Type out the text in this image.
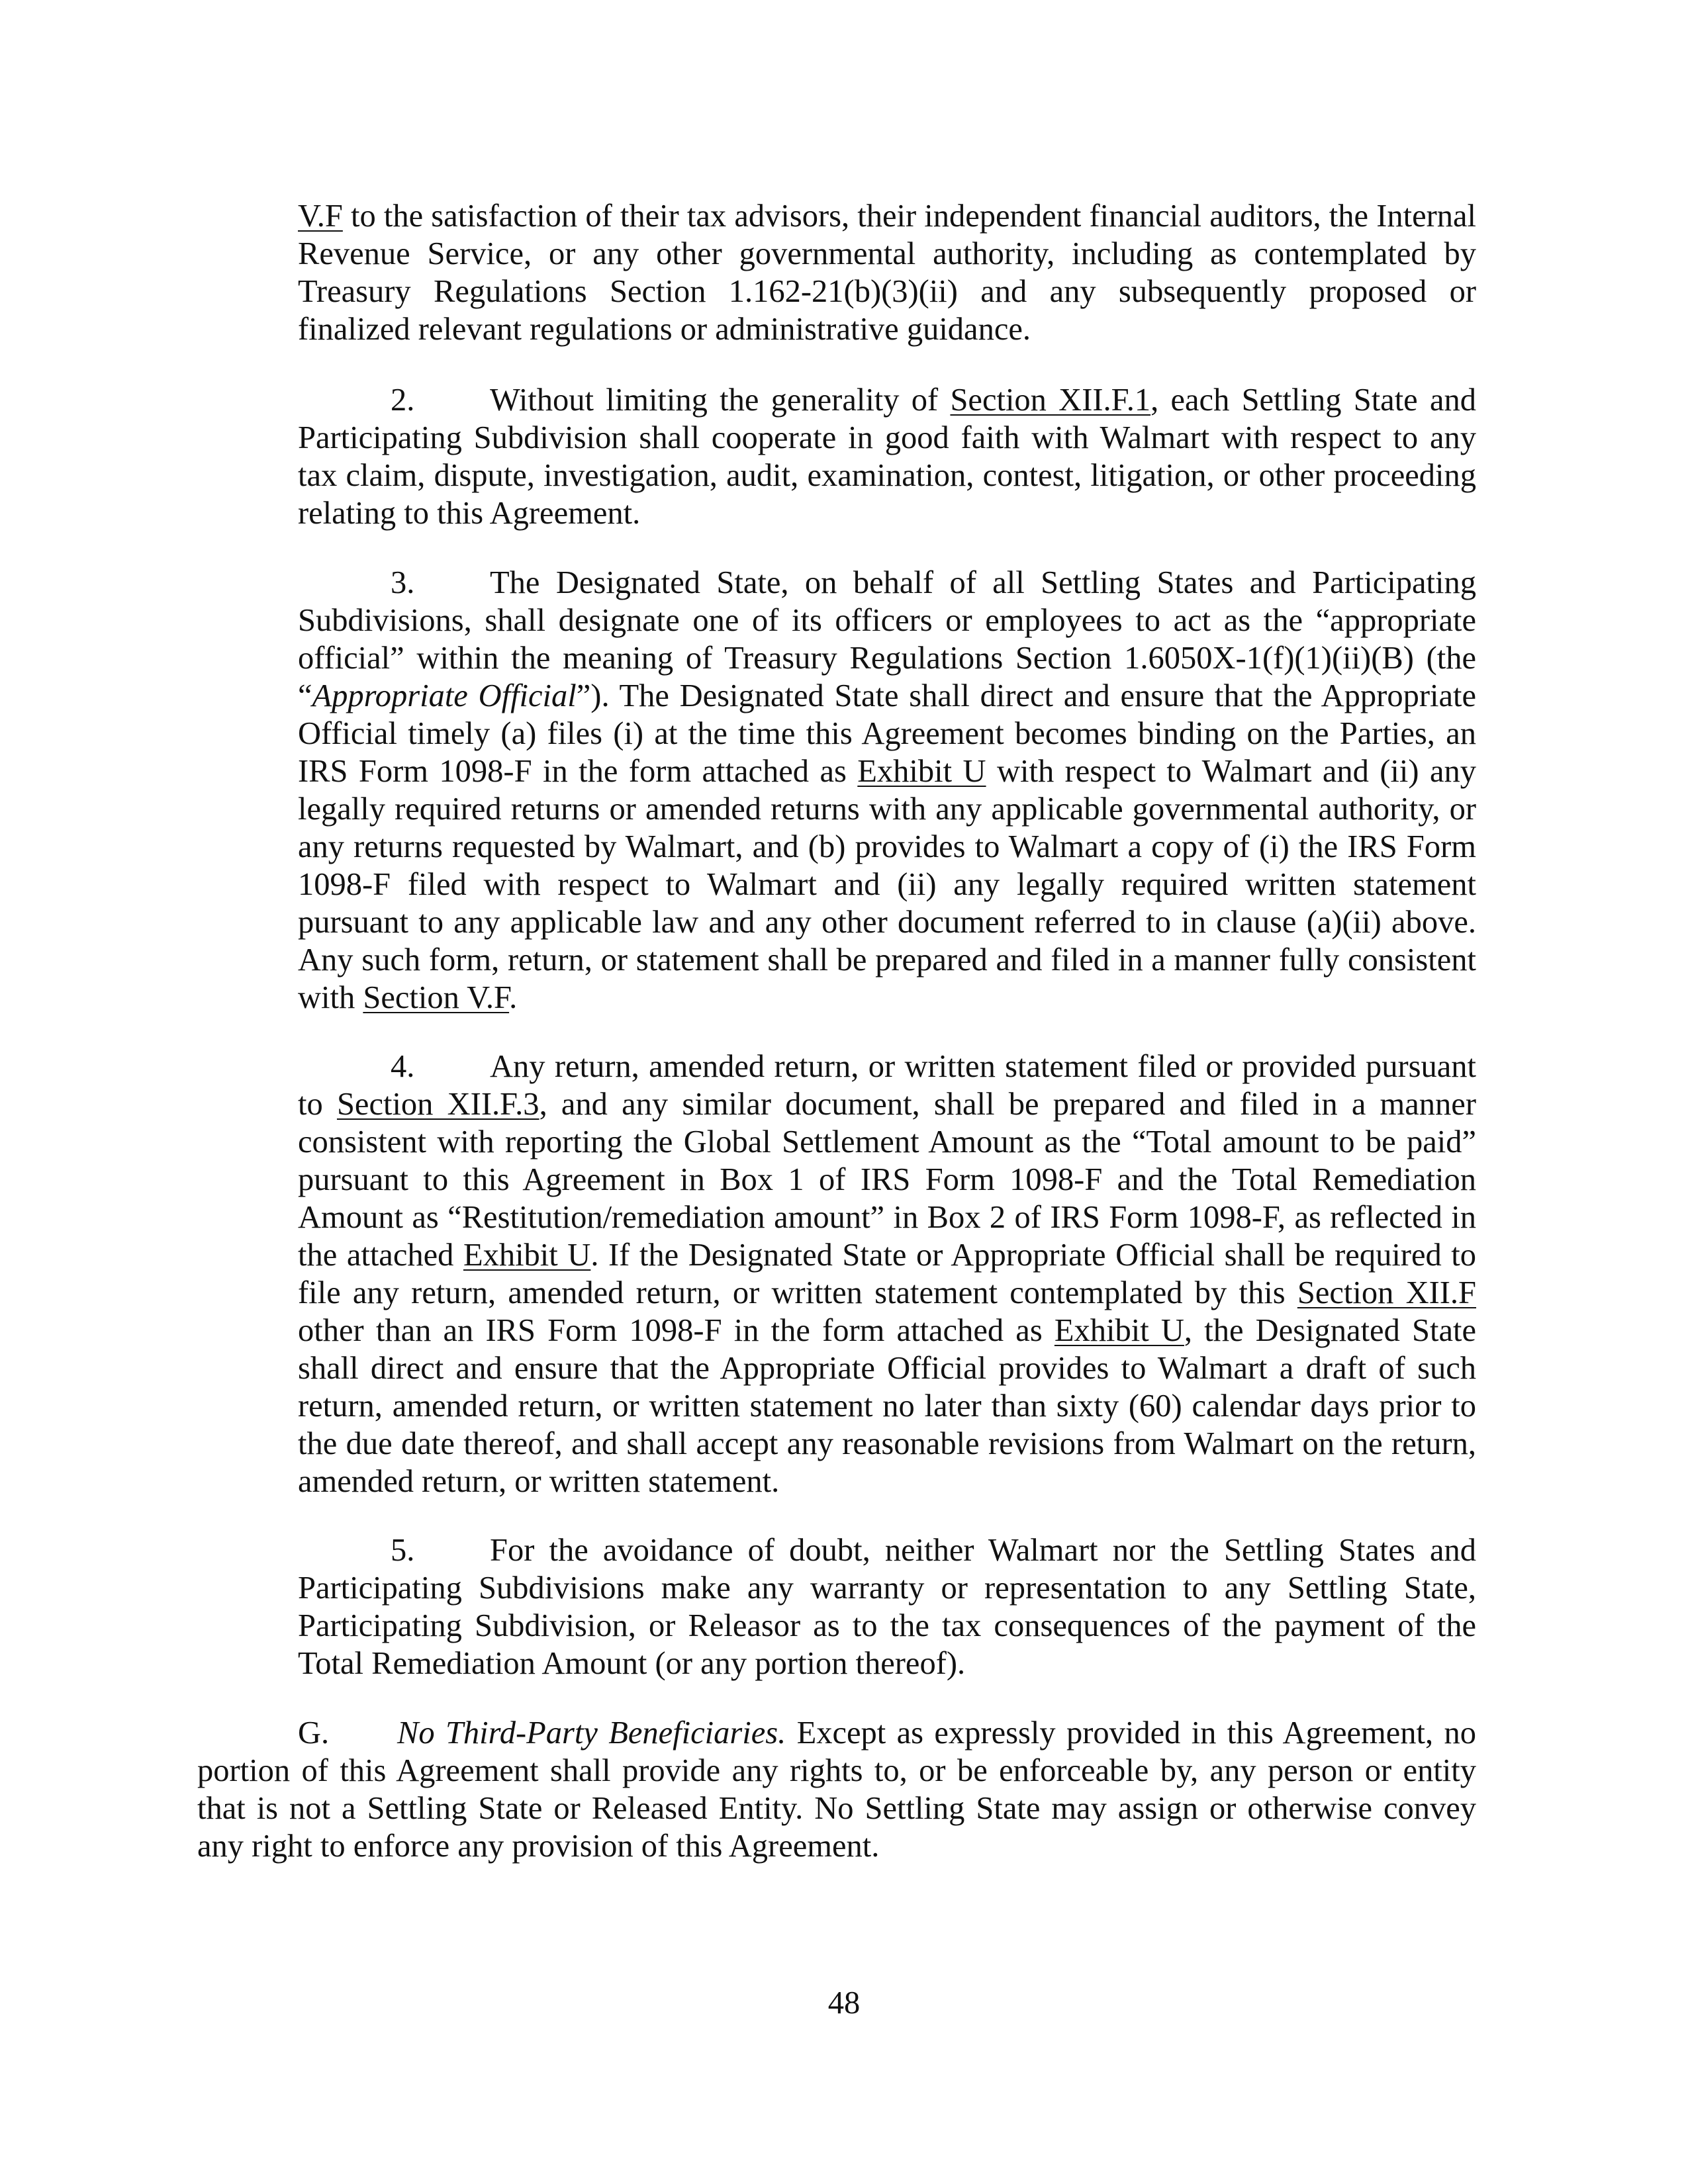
V.F to the satisfaction of their tax advisors, their independent financial auditors, the Internal Revenue Service, or any other governmental authority, including as contemplated by Treasury Regulations Section 1.162-21(b)(3)(ii) and any subsequently proposed or finalized relevant regulations or administrative guidance.

2. Without limiting the generality of Section XII.F.1, each Settling State and Participating Subdivision shall cooperate in good faith with Walmart with respect to any tax claim, dispute, investigation, audit, examination, contest, litigation, or other proceeding relating to this Agreement.

3. The Designated State, on behalf of all Settling States and Participating Subdivisions, shall designate one of its officers or employees to act as the “appropriate official” within the meaning of Treasury Regulations Section 1.6050X-1(f)(1)(ii)(B) (the “Appropriate Official”). The Designated State shall direct and ensure that the Appropriate Official timely (a) files (i) at the time this Agreement becomes binding on the Parties, an IRS Form 1098-F in the form attached as Exhibit U with respect to Walmart and (ii) any legally required returns or amended returns with any applicable governmental authority, or any returns requested by Walmart, and (b) provides to Walmart a copy of (i) the IRS Form 1098-F filed with respect to Walmart and (ii) any legally required written statement pursuant to any applicable law and any other document referred to in clause (a)(ii) above. Any such form, return, or statement shall be prepared and filed in a manner fully consistent with Section V.F.

4. Any return, amended return, or written statement filed or provided pursuant to Section XII.F.3, and any similar document, shall be prepared and filed in a manner consistent with reporting the Global Settlement Amount as the “Total amount to be paid” pursuant to this Agreement in Box 1 of IRS Form 1098-F and the Total Remediation Amount as “Restitution/remediation amount” in Box 2 of IRS Form 1098-F, as reflected in the attached Exhibit U. If the Designated State or Appropriate Official shall be required to file any return, amended return, or written statement contemplated by this Section XII.F other than an IRS Form 1098-F in the form attached as Exhibit U, the Designated State shall direct and ensure that the Appropriate Official provides to Walmart a draft of such return, amended return, or written statement no later than sixty (60) calendar days prior to the due date thereof, and shall accept any reasonable revisions from Walmart on the return, amended return, or written statement.

5. For the avoidance of doubt, neither Walmart nor the Settling States and Participating Subdivisions make any warranty or representation to any Settling State, Participating Subdivision, or Releasor as to the tax consequences of the payment of the Total Remediation Amount (or any portion thereof).

G. No Third-Party Beneficiaries. Except as expressly provided in this Agreement, no portion of this Agreement shall provide any rights to, or be enforceable by, any person or entity that is not a Settling State or Released Entity. No Settling State may assign or otherwise convey any right to enforce any provision of this Agreement.

48
